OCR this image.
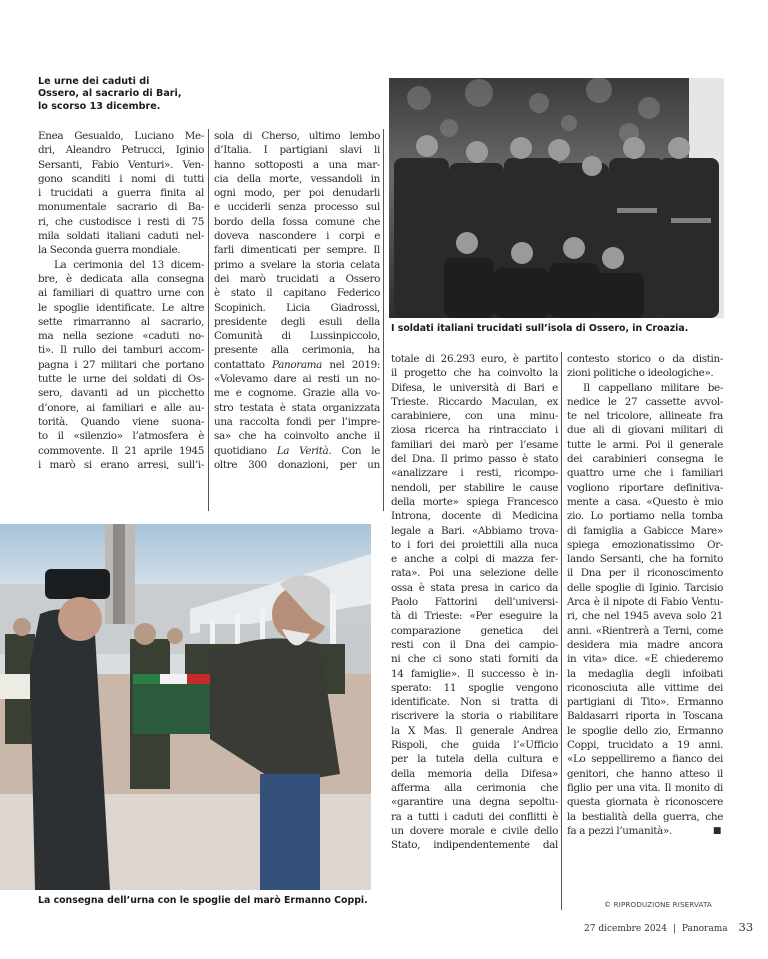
Le urne dei caduti di
Ossero, al sacrario di Bari,
lo scorso 13 dicembre.
I soldati italiani trucidati sull’isola di Ossero, in Croazia.
Enea Gesualdo, Luciano Me-
dri, Aleandro Petrucci, Iginio
Sersanti, Fabio Venturi». Ven-
gono scanditi i nomi di tutti
i trucidati a guerra finita al
monumentale sacrario di Ba-
ri, che custodisce i resti di 75
mila soldati italiani caduti nel-
la Seconda guerra mondiale.
La cerimonia del 13 dicem-
bre, è dedicata alla consegna
ai familiari di quattro urne con
le spoglie identificate. Le altre
sette rimarranno al sacrario,
ma nella sezione «caduti no-
ti». Il rullo dei tamburi accom-
pagna i 27 militari che portano
tutte le urne dei soldati di Os-
sero, davanti ad un picchetto
d’onore, ai familiari e alle au-
torità. Quando viene suona-
to il «silenzio» l’atmosfera è
commovente. Il 21 aprile 1945
i marò si erano arresi, sull’i-
sola di Cherso, ultimo lembo
d’Italia. I partigiani slavi li
hanno sottoposti a una mar-
cia della morte, vessandoli in
ogni modo, per poi denudarli
e ucciderli senza processo sul
bordo della fossa comune che
doveva nascondere i corpi e
farli dimenticati per sempre. Il
primo a svelare la storia celata
dei marò trucidati a Ossero
è stato il capitano Federico
Scopinich. Licia Giadrossi,
presidente degli esuli della
Comunità di Lussinpiccolo,
presente alla cerimonia, ha
contattato Panorama nel 2019:
«Volevamo dare ai resti un no-
me e cognome. Grazie alla vo-
stro testata è stata organizzata
una raccolta fondi per l’impre-
sa» che ha coinvolto anche il
quotidiano La Verità. Con le
oltre 300 donazioni, per un
La consegna dell’urna con le spoglie del marò Ermanno Coppi.
totale di 26.293 euro, è partito
il progetto che ha coinvolto la
Difesa, le università di Bari e
Trieste. Riccardo Maculan, ex
carabiniere, con una minu-
ziosa ricerca ha rintracciato i
familiari dei marò per l’esame
del Dna. Il primo passo è stato
«analizzare i resti, ricompo-
nendoli, per stabilire le cause
della morte» spiega Francesco
Introna, docente di Medicina
legale a Bari. «Abbiamo trova-
to i fori dei proiettili alla nuca
e anche a colpi di mazza fer-
rata». Poi una selezione delle
ossa è stata presa in carico da
Paolo Fattorini dell’universi-
tà di Trieste: «Per eseguire la
comparazione genetica dei
resti con il Dna dei campio-
ni che ci sono stati forniti da
14 famiglie». Il successo è in-
sperato: 11 spoglie vengono
identificate. Non si tratta di
riscrivere la storia o riabilitare
la X Mas. Il generale Andrea
Rispoli, che guida l’«Ufficio
per la tutela della cultura e
della memoria della Difesa»
afferma alla cerimonia che
«garantire una degna sepoltu-
ra a tutti i caduti dei conflitti è
un dovere morale e civile dello
Stato, indipendentemente dal
contesto storico o da distin-
zioni politiche o ideologiche».
Il cappellano militare be-
nedice le 27 cassette avvol-
te nel tricolore, allineate fra
due ali di giovani militari di
tutte le armi. Poi il generale
dei carabinieri consegna le
quattro urne che i familiari
vogliono riportare definitiva-
mente a casa. «Questo è mio
zio. Lo portiamo nella tomba
di famiglia a Gabicce Mare»
spiega emozionatissimo Or-
lando Sersanti, che ha fornito
il Dna per il riconoscimento
delle spoglie di Iginio. Tarcisio
Arca è il nipote di Fabio Ventu-
ri, che nel 1945 aveva solo 21
anni. «Rientrerà a Terni, come
desidera mia madre ancora
in vita» dice. «E chiederemo
la medaglia degli infoibati
riconosciuta alle vittime dei
partigiani di Tito». Ermanno
Baldasarri riporta in Toscana
le spoglie dello zio, Ermanno
Coppi, trucidato a 19 anni.
«Lo seppelliremo a fianco dei
genitori, che hanno atteso il
figlio per una vita. Il monito di
questa giornata è riconoscere
la bestialità della guerra, che
fa a pezzi l’umanità».	■
© RIPRODUZIONE RISERVATA
27 dicembre 2024 | Panorama 33
